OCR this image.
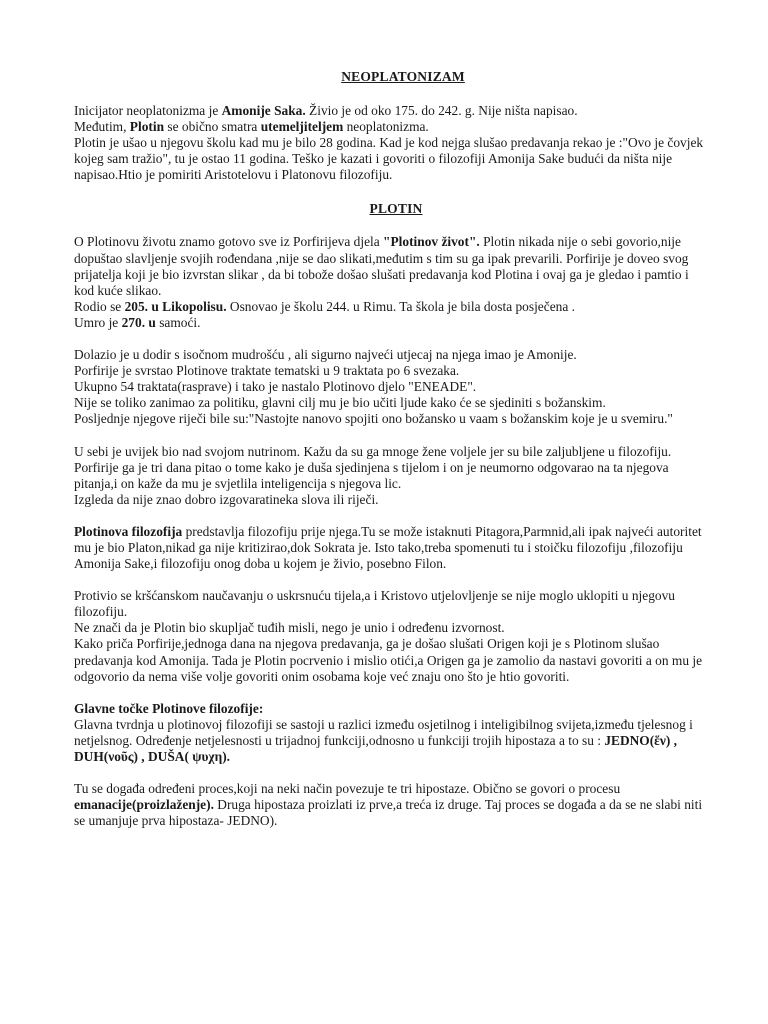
NEOPLATONIZAM

Inicijator neoplatonizma je Amonije Saka. Živio je od oko 175. do 242. g. Nije ništa napisao.

Međutim, Plotin se obično smatra utemeljiteljem neoplatonizma.

Plotin je ušao u njegovu školu kad mu je bilo 28 godina. Kad je kod nejga slušao predavanja rekao je :"Ovo je čovjek kojeg sam tražio", tu je ostao 11 godina. Teško je kazati i govoriti o filozofiji Amonija Sake budući da ništa nije napisao.Htio je pomiriti Aristotelovu i Platonovu filozofiju.

PLOTIN

O Plotinovu životu znamo gotovo sve iz Porfirijeva djela "Plotinov život". Plotin nikada nije o sebi govorio,nije dopuštao slavljenje svojih rođendana ,nije se dao slikati,međutim s tim su ga ipak prevarili. Porfirije je doveo svog prijatelja koji je bio izvrstan slikar , da bi tobože došao slušati predavanja kod Plotina i ovaj ga je gledao i pamtio i kod kuće slikao.

Rodio se 205. u Likopolisu. Osnovao je školu 244. u Rimu. Ta škola je bila dosta posječena .

Umro je 270. u samoći.

Dolazio je u dodir s isočnom mudrošću , ali sigurno najveći utjecaj na njega imao je Amonije.

Porfirije je svrstao Plotinove traktate tematski u 9 traktata po 6 svezaka.

Ukupno 54 traktata(rasprave) i tako je nastalo Plotinovo djelo "ENEADE".

Nije se toliko zanimao za politiku, glavni cilj mu je bio učiti ljude kako će se sjediniti s božanskim.

Posljednje njegove riječi bile su:"Nastojte nanovo spojiti ono božansko u vaam s božanskim koje je u svemiru."

U sebi je uvijek bio nad svojom nutrinom. Kažu da su ga mnoge žene voljele jer su bile zaljubljene u filozofiju.

Porfirije ga je tri dana pitao o tome kako je duša sjedinjena s tijelom i on je neumorno odgovarao na ta njegova pitanja,i on kaže da mu je svjetlila inteligencija s njegova lic.

Izgleda da nije znao dobro izgovaratineka slova ili riječi.

Plotinova filozofija predstavlja filozofiju prije njega.Tu se može istaknuti Pitagora,Parmnid,ali ipak najveći autoritet mu je bio Platon,nikad ga nije kritizirao,dok Sokrata je. Isto tako,treba spomenuti tu i stoičku filozofiju ,filozofiju Amonija Sake,i filozofiju onog doba u kojem je živio, posebno Filon.

Protivio se kršćanskom naučavanju o uskrsnuću tijela,a i Kristovo utjelovljenje se nije moglo uklopiti u njegovu filozofiju.

Ne znači da je Plotin bio skupljač tuđih misli, nego je unio i određenu izvornost.

Kako priča Porfirije,jednoga dana na njegova predavanja, ga je došao slušati Origen koji je s Plotinom slušao predavanja kod Amonija. Tada je Plotin pocrvenio i mislio otići,a Origen ga je zamolio da nastavi govoriti a on mu je odgovorio da nema više volje govoriti onim osobama koje već znaju ono što je htio govoriti.

Glavne točke Plotinove filozofije:

Glavna tvrdnja u plotinovoj filozofiji se sastoji u razlici između osjetilnog i inteligibilnog svijeta,između tjelesnog i netjelsnog. Određenje netjelesnosti u trijadnoj funkciji,odnosno u funkciji trojih hipostaza a to su : JEDNO(ἕν) , DUH(νοῦς) , DUŠA( ψυχη).

Tu se događa određeni proces,koji na neki način povezuje te tri hipostaze. Obično se govori o procesu emanacije(proizlaženje). Druga hipostaza proizlati iz prve,a treća iz druge. Taj proces se događa a da se ne slabi niti se umanjuje prva hipostaza- JEDNO).
